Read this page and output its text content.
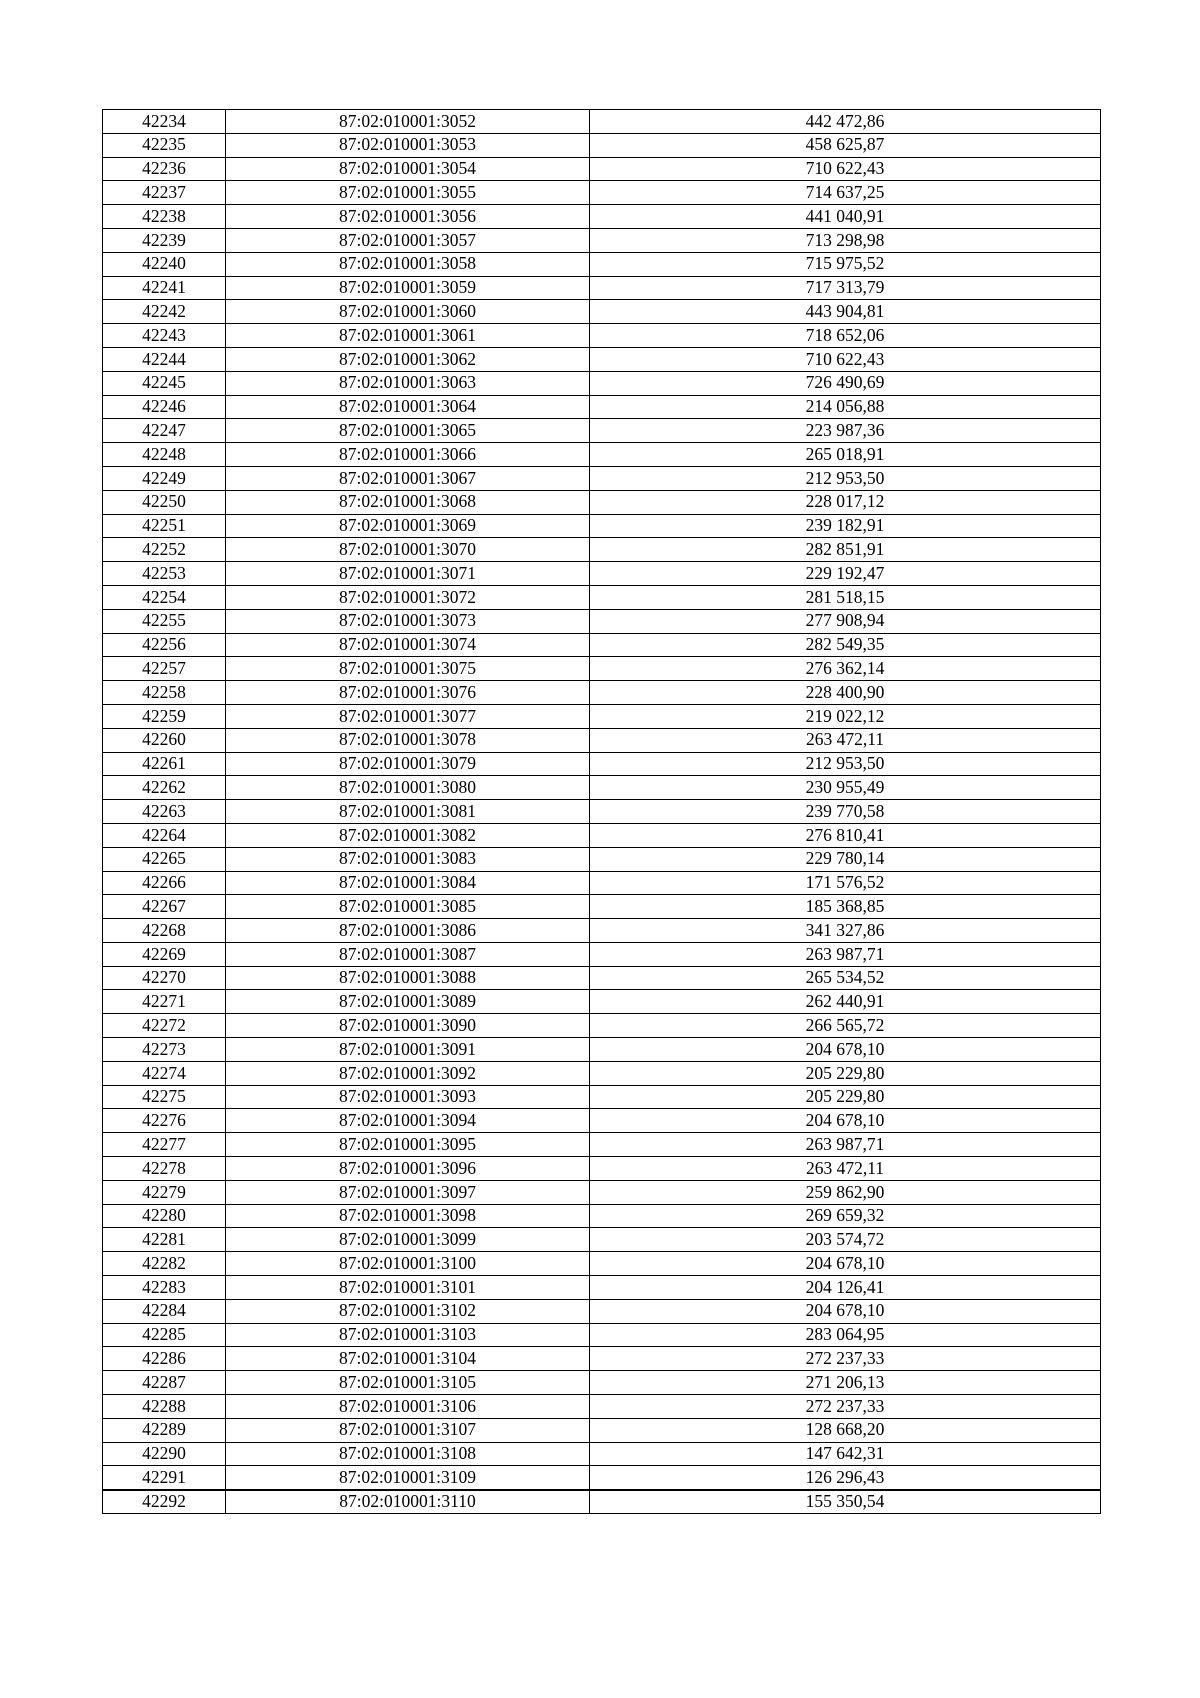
42234	87:02:010001:3052	442 472,86
42235	87:02:010001:3053	458 625,87
42236	87:02:010001:3054	710 622,43
42237	87:02:010001:3055	714 637,25
42238	87:02:010001:3056	441 040,91
42239	87:02:010001:3057	713 298,98
42240	87:02:010001:3058	715 975,52
42241	87:02:010001:3059	717 313,79
42242	87:02:010001:3060	443 904,81
42243	87:02:010001:3061	718 652,06
42244	87:02:010001:3062	710 622,43
42245	87:02:010001:3063	726 490,69
42246	87:02:010001:3064	214 056,88
42247	87:02:010001:3065	223 987,36
42248	87:02:010001:3066	265 018,91
42249	87:02:010001:3067	212 953,50
42250	87:02:010001:3068	228 017,12
42251	87:02:010001:3069	239 182,91
42252	87:02:010001:3070	282 851,91
42253	87:02:010001:3071	229 192,47
42254	87:02:010001:3072	281 518,15
42255	87:02:010001:3073	277 908,94
42256	87:02:010001:3074	282 549,35
42257	87:02:010001:3075	276 362,14
42258	87:02:010001:3076	228 400,90
42259	87:02:010001:3077	219 022,12
42260	87:02:010001:3078	263 472,11
42261	87:02:010001:3079	212 953,50
42262	87:02:010001:3080	230 955,49
42263	87:02:010001:3081	239 770,58
42264	87:02:010001:3082	276 810,41
42265	87:02:010001:3083	229 780,14
42266	87:02:010001:3084	171 576,52
42267	87:02:010001:3085	185 368,85
42268	87:02:010001:3086	341 327,86
42269	87:02:010001:3087	263 987,71
42270	87:02:010001:3088	265 534,52
42271	87:02:010001:3089	262 440,91
42272	87:02:010001:3090	266 565,72
42273	87:02:010001:3091	204 678,10
42274	87:02:010001:3092	205 229,80
42275	87:02:010001:3093	205 229,80
42276	87:02:010001:3094	204 678,10
42277	87:02:010001:3095	263 987,71
42278	87:02:010001:3096	263 472,11
42279	87:02:010001:3097	259 862,90
42280	87:02:010001:3098	269 659,32
42281	87:02:010001:3099	203 574,72
42282	87:02:010001:3100	204 678,10
42283	87:02:010001:3101	204 126,41
42284	87:02:010001:3102	204 678,10
42285	87:02:010001:3103	283 064,95
42286	87:02:010001:3104	272 237,33
42287	87:02:010001:3105	271 206,13
42288	87:02:010001:3106	272 237,33
42289	87:02:010001:3107	128 668,20
42290	87:02:010001:3108	147 642,31
42291	87:02:010001:3109	126 296,43
42292	87:02:010001:3110	155 350,54
